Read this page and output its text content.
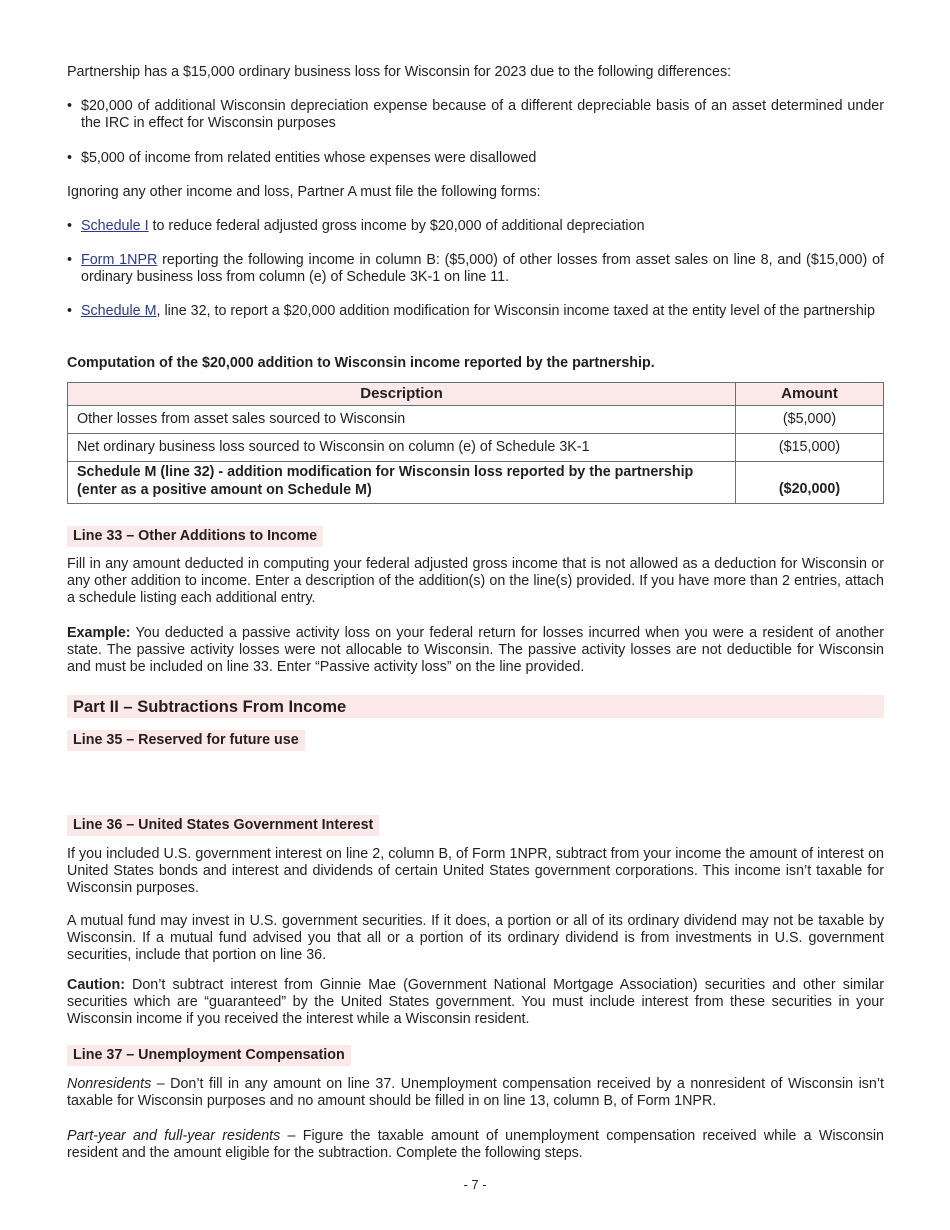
Partnership has a $15,000 ordinary business loss for Wisconsin for 2023 due to the following differences:

• $20,000 of additional Wisconsin depreciation expense because of a different depreciable basis of an asset determined under the IRC in effect for Wisconsin purposes
• $5,000 of income from related entities whose expenses were disallowed

Ignoring any other income and loss, Partner A must file the following forms:

• Schedule I to reduce federal adjusted gross income by $20,000 of additional depreciation
• Form 1NPR reporting the following income in column B: ($5,000) of other losses from asset sales on line 8, and ($15,000) of ordinary business loss from column (e) of Schedule 3K-1 on line 11.
• Schedule M, line 32, to report a $20,000 addition modification for Wisconsin income taxed at the entity level of the partnership

Computation of the $20,000 addition to Wisconsin income reported by the partnership.

Description	Amount
Other losses from asset sales sourced to Wisconsin	($5,000)
Net ordinary business loss sourced to Wisconsin on column (e) of Schedule 3K-1	($15,000)
Schedule M (line 32) - addition modification for Wisconsin loss reported by the partnership (enter as a positive amount on Schedule M)	($20,000)
Line 33 – Other Additions to Income

Fill in any amount deducted in computing your federal adjusted gross income that is not allowed as a deduction for Wisconsin or any other addition to income. Enter a description of the addition(s) on the line(s) provided. If you have more than 2 entries, attach a schedule listing each additional entry.

Example: You deducted a passive activity loss on your federal return for losses incurred when you were a resident of another state. The passive activity losses were not allocable to Wisconsin. The passive activity losses are not deductible for Wisconsin and must be included on line 33. Enter “Passive activity loss” on the line provided.

Part II – Subtractions From Income
Line 35 – Reserved for future use
Line 36 – United States Government Interest

If you included U.S. government interest on line 2, column B, of Form 1NPR, subtract from your income the amount of interest on United States bonds and interest and dividends of certain United States government corporations. This income isn’t taxable for Wisconsin purposes.

A mutual fund may invest in U.S. government securities. If it does, a portion or all of its ordinary dividend may not be taxable by Wisconsin. If a mutual fund advised you that all or a portion of its ordinary dividend is from investments in U.S. government securities, include that portion on line 36.

Caution: Don’t subtract interest from Ginnie Mae (Government National Mortgage Association) securities and other similar securities which are “guaranteed” by the United States government. You must include interest from these securities in your Wisconsin income if you received the interest while a Wisconsin resident.

Line 37 – Unemployment Compensation

Nonresidents – Don’t fill in any amount on line 37. Unemployment compensation received by a nonresident of Wisconsin isn’t taxable for Wisconsin purposes and no amount should be filled in on line 13, column B, of Form 1NPR.

Part-year and full-year residents – Figure the taxable amount of unemployment compensation received while a Wisconsin resident and the amount eligible for the subtraction. Complete the following steps.

- 7 -
